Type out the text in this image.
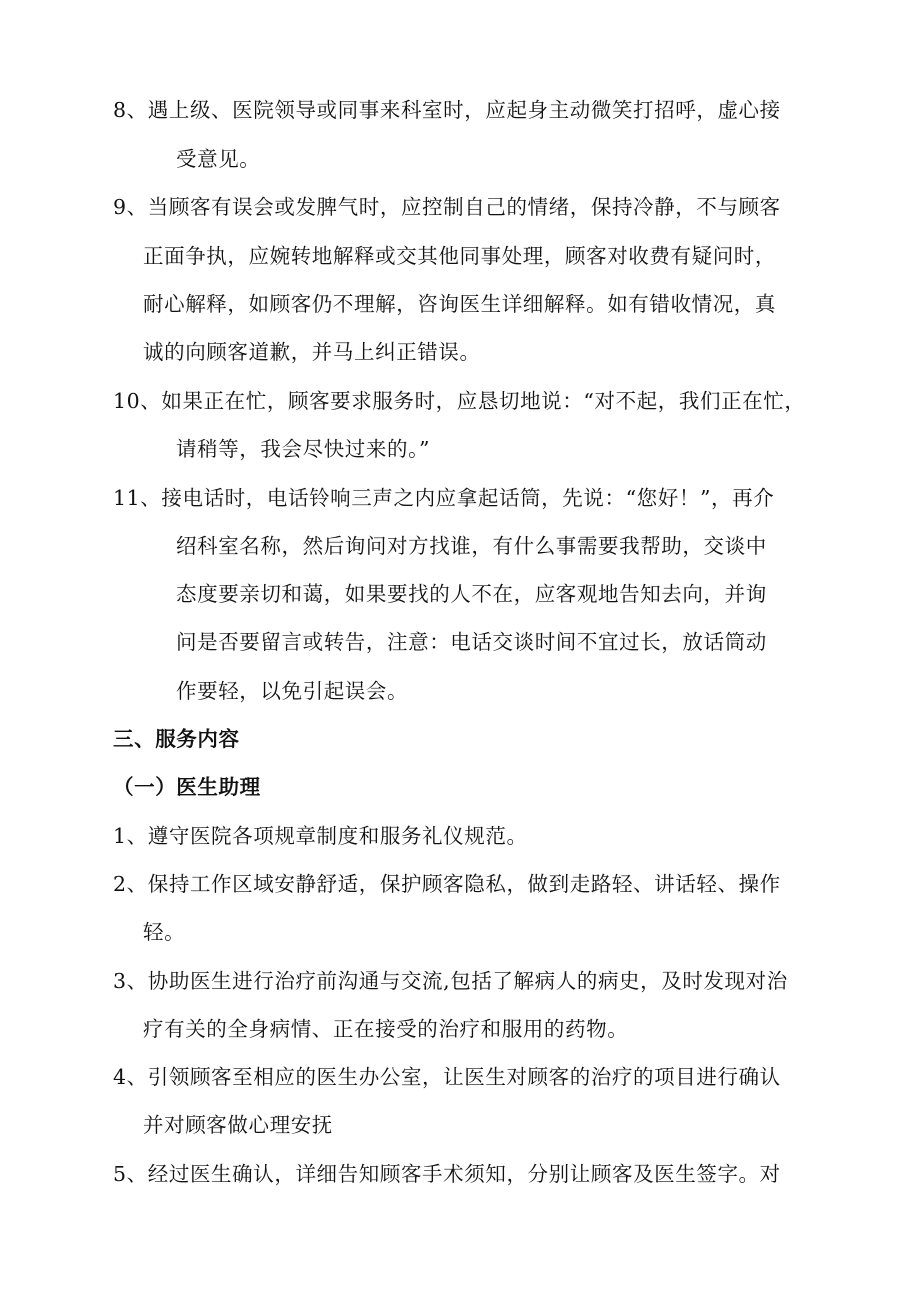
8、遇上级、医院领导或同事来科室时，应起身主动微笑打招呼，虚心接
受意见。
9、当顾客有误会或发脾气时，应控制自己的情绪，保持冷静，不与顾客
正面争执，应婉转地解释或交其他同事处理，顾客对收费有疑问时，
耐心解释，如顾客仍不理解，咨询医生详细解释。如有错收情况，真
诚的向顾客道歉，并马上纠正错误。
10、如果正在忙，顾客要求服务时，应恳切地说：“对不起，我们正在忙，
请稍等，我会尽快过来的。”
11、接电话时，电话铃响三声之内应拿起话筒，先说：“您好！”，再介
绍科室名称，然后询问对方找谁，有什么事需要我帮助，交谈中
态度要亲切和蔼，如果要找的人不在，应客观地告知去向，并询
问是否要留言或转告，注意：电话交谈时间不宜过长，放话筒动
作要轻，以免引起误会。
三、服务内容
（一）医生助理
1、遵守医院各项规章制度和服务礼仪规范。
2、保持工作区域安静舒适，保护顾客隐私，做到走路轻、讲话轻、操作
轻。
3、协助医生进行治疗前沟通与交流,包括了解病人的病史，及时发现对治
疗有关的全身病情、正在接受的治疗和服用的药物。
4、引领顾客至相应的医生办公室，让医生对顾客的治疗的项目进行确认
并对顾客做心理安抚
5、经过医生确认，详细告知顾客手术须知，分别让顾客及医生签字。对
